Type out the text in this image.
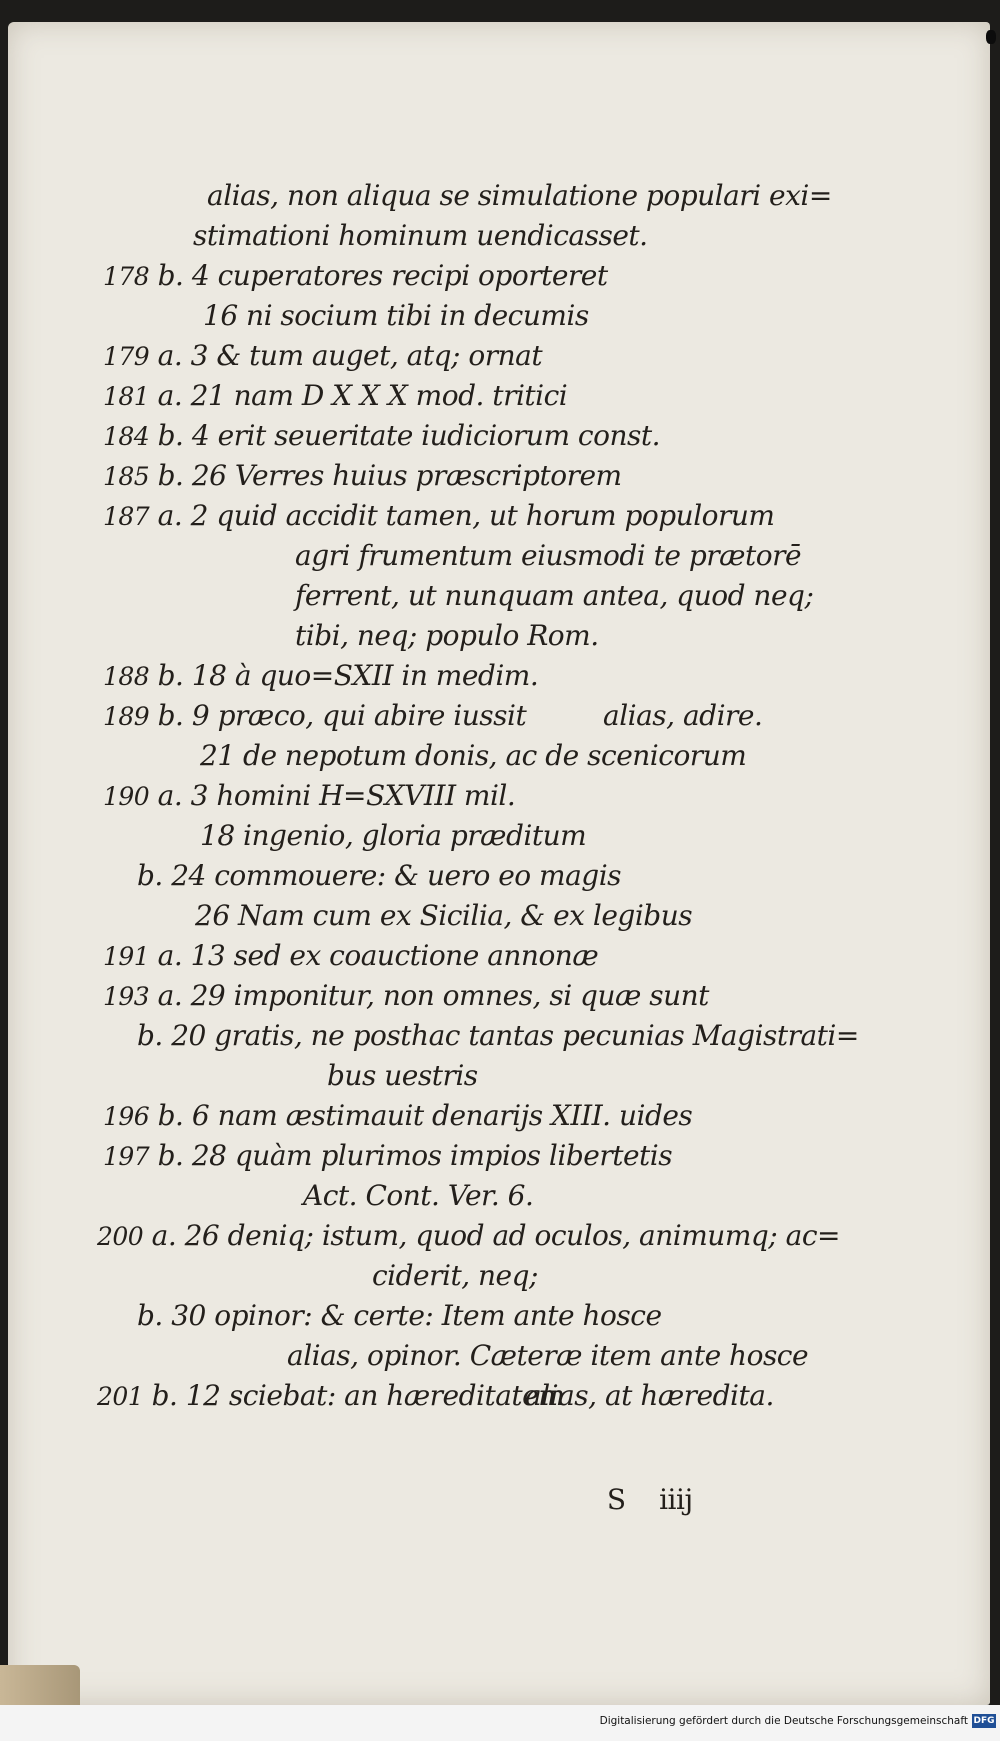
alias, non aliqua se simulatione populari exi=
stimationi hominum uendicasset.
178 b. 4 cuperatores recipi oporteret
16 ni socium tibi in decumis
179 a. 3 & tum auget, atq; ornat
181 a. 21 nam D X X X mod. tritici
184 b. 4 erit seueritate iudiciorum const.
185 b. 26 Verres huius præscriptorem
187 a. 2 quid accidit tamen, ut horum populorum
agri frumentum eiusmodi te prætorē
ferrent, ut nunquam antea, quod neq;
tibi, neq; populo Rom.
188 b. 18 à quo=SXII in medim.
189 b. 9 præco, qui abire iussit	alias, adire.
21 de nepotum donis, ac de scenicorum
190 a. 3 homini H=SXVIII mil.
18 ingenio, gloria præditum
b. 24 commouere: & uero eo magis
26 Nam cum ex Sicilia, & ex legibus
191 a. 13 sed ex coauctione annonæ
193 a. 29 imponitur, non omnes, si quæ sunt
b. 20 gratis, ne posthac tantas pecunias Magistrati=
bus uestris
196 b. 6 nam æstimauit denarijs XIII. uides
197 b. 28 quàm plurimos impios libertetis
Act. Cont. Ver. 6.
200 a. 26 deniq; istum, quod ad oculos, animumq; ac=
ciderit, neq;
b. 30 opinor: & certe: Item ante hosce
alias, opinor. Cæteræ item ante hosce
201 b. 12 sciebat: an hæreditatem
alias, at hæredita.

S    iiij

Digitalisierung gefördert durch die Deutsche Forschungsgemeinschaft DFG
